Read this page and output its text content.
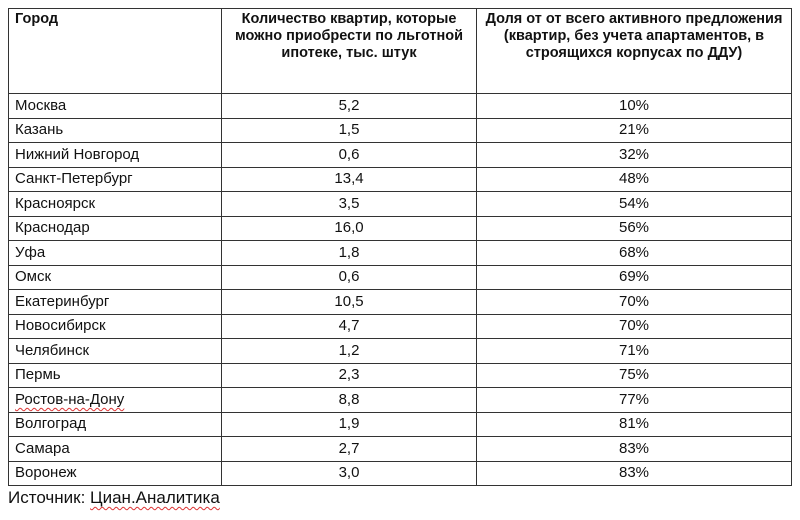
Город	Количество квартир, которые можно приобрести по льготной ипотеке, тыс. штук	Доля от от всего активного предложения (квартир, без учета апартаментов, в строящихся корпусах по ДДУ)
Москва	5,2	10%
Казань	1,5	21%
Нижний Новгород	0,6	32%
Санкт-Петербург	13,4	48%
Красноярск	3,5	54%
Краснодар	16,0	56%
Уфа	1,8	68%
Омск	0,6	69%
Екатеринбург	10,5	70%
Новосибирск	4,7	70%
Челябинск	1,2	71%
Пермь	2,3	75%
Ростов-на-Дону	8,8	77%
Волгоград	1,9	81%
Самара	2,7	83%
Воронеж	3,0	83%
Источник: Циан.Аналитика
